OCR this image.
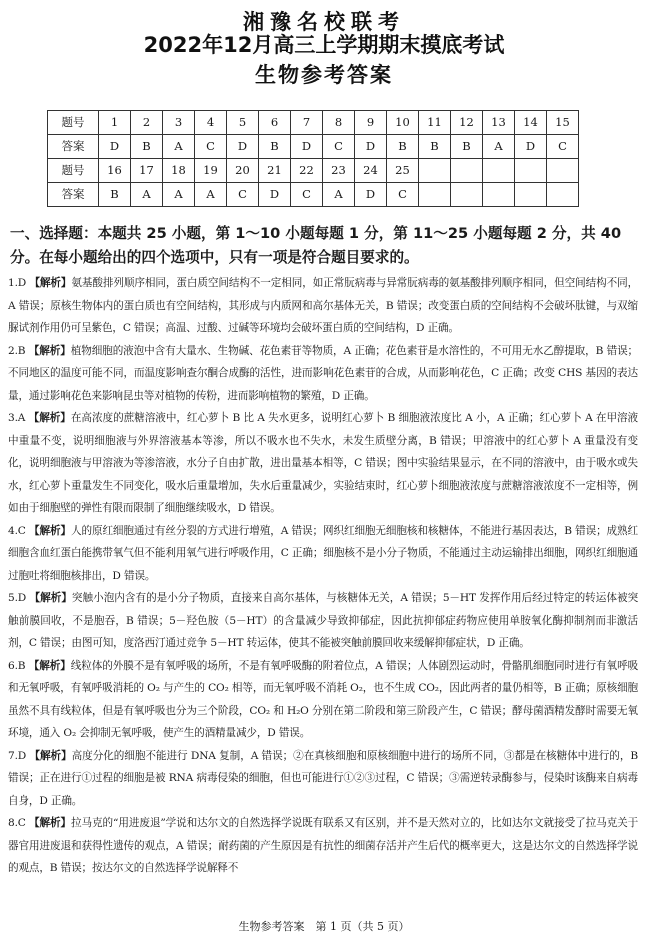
湘豫名校联考
2022年12月高三上学期期末摸底考试
生物参考答案
题号	1	2	3	4	5	6	7	8	9	10	11	12	13	14	15
答案	D	B	A	C	D	B	D	C	D	B	B	B	A	D	C
题号	16	17	18	19	20	21	22	23	24	25					
答案	B	A	A	A	C	D	C	A	D	C					
一、选择题：本题共 25 小题，第 1～10 小题每题 1 分，第 11～25 小题每题 2 分，共 40 分。在每小题给出的四个选项中，只有一项是符合题目要求的。
1.D 【解析】氨基酸排列顺序相同，蛋白质空间结构不一定相同，如正常朊病毒与异常朊病毒的氨基酸排列顺序相同，但空间结构不同，A 错误；原核生物体内的蛋白质也有空间结构，其形成与内质网和高尔基体无关，B 错误；改变蛋白质的空间结构不会破坏肽键，与双缩脲试剂作用仍可呈紫色，C 错误；高温、过酸、过碱等环境均会破坏蛋白质的空间结构，D 正确。
2.B 【解析】植物细胞的液泡中含有大量水、生物碱、花色素苷等物质，A 正确；花色素苷是水溶性的，不可用无水乙醇提取，B 错误；不同地区的温度可能不同，而温度影响查尔酮合成酶的活性，进而影响花色素苷的合成，从而影响花色，C 正确；改变 CHS 基因的表达量，通过影响花色来影响昆虫等对植物的传粉，进而影响植物的繁殖，D 正确。
3.A 【解析】在高浓度的蔗糖溶液中，红心萝卜 B 比 A 失水更多，说明红心萝卜 B 细胞液浓度比 A 小，A 正确；红心萝卜 A 在甲溶液中重量不变，说明细胞液与外界溶液基本等渗，所以不吸水也不失水，未发生质壁分离，B 错误；甲溶液中的红心萝卜 A 重量没有变化，说明细胞液与甲溶液为等渗溶液，水分子自由扩散，进出量基本相等，C 错误；图中实验结果显示，在不同的溶液中，由于吸水或失水，红心萝卜重量发生不同变化，吸水后重量增加，失水后重量减少，实验结束时，红心萝卜细胞液浓度与蔗糖溶液浓度不一定相等，例如由于细胞壁的弹性有限而限制了细胞继续吸水，D 错误。
4.C 【解析】人的原红细胞通过有丝分裂的方式进行增殖，A 错误；网织红细胞无细胞核和核糖体，不能进行基因表达，B 错误；成熟红细胞含血红蛋白能携带氧气但不能利用氧气进行呼吸作用，C 正确；细胞核不是小分子物质，不能通过主动运输排出细胞，网织红细胞通过胞吐将细胞核排出，D 错误。
5.D 【解析】突触小泡内含有的是小分子物质，直接来自高尔基体，与核糖体无关，A 错误；5－HT 发挥作用后经过特定的转运体被突触前膜回收，不是胞吞，B 错误；5－羟色胺（5－HT）的含量减少导致抑郁症，因此抗抑郁症药物应使用单胺氧化酶抑制剂而非激活剂，C 错误；由图可知，度洛西汀通过竞争 5－HT 转运体，使其不能被突触前膜回收来缓解抑郁症状，D 正确。
6.B 【解析】线粒体的外膜不是有氧呼吸的场所，不是有氧呼吸酶的附着位点，A 错误；人体剧烈运动时，骨骼肌细胞同时进行有氧呼吸和无氧呼吸，有氧呼吸消耗的 O₂ 与产生的 CO₂ 相等，而无氧呼吸不消耗 O₂，也不生成 CO₂，因此两者的量仍相等，B 正确；原核细胞虽然不具有线粒体，但是有氧呼吸也分为三个阶段，CO₂ 和 H₂O 分别在第二阶段和第三阶段产生，C 错误；酵母菌酒精发酵时需要无氧环境，通入 O₂ 会抑制无氧呼吸，使产生的酒精量减少，D 错误。
7.D 【解析】高度分化的细胞不能进行 DNA 复制，A 错误；②在真核细胞和原核细胞中进行的场所不同，③都是在核糖体中进行的，B 错误；正在进行①过程的细胞是被 RNA 病毒侵染的细胞，但也可能进行①②③过程，C 错误；③需逆转录酶参与，侵染时该酶来自病毒自身，D 正确。
8.C 【解析】拉马克的“用进废退”学说和达尔文的自然选择学说既有联系又有区别，并不是天然对立的，比如达尔文就接受了拉马克关于器官用进废退和获得性遗传的观点，A 错误；耐药菌的产生原因是有抗性的细菌存活并产生后代的概率更大，这是达尔文的自然选择学说的观点，B 错误；按达尔文的自然选择学说解释不
生物参考答案　第 1 页（共 5 页）
